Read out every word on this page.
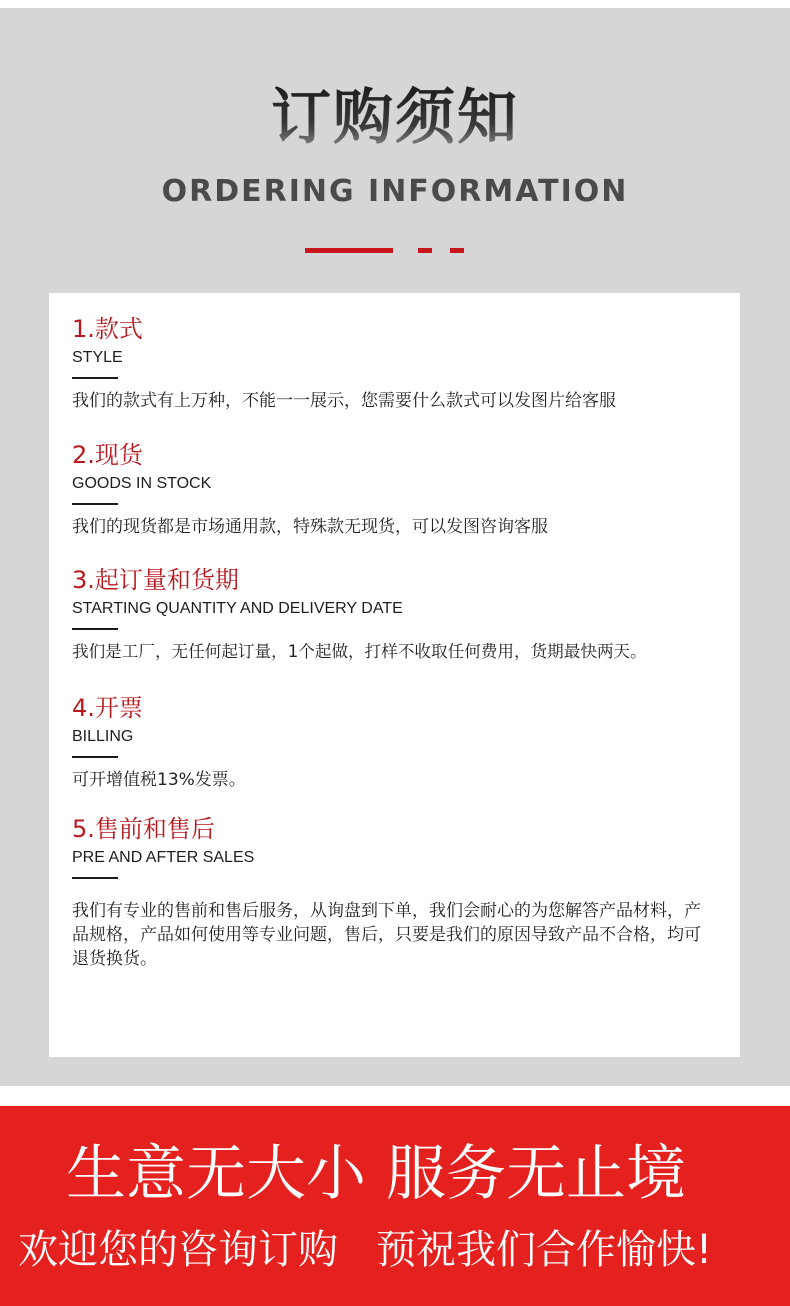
订购须知
ORDERING INFORMATION
1.款式
STYLE
我们的款式有上万种，不能一一展示，您需要什么款式可以发图片给客服
2.现货
GOODS IN STOCK
我们的现货都是市场通用款，特殊款无现货，可以发图咨询客服
3.起订量和货期
STARTING QUANTITY AND DELIVERY DATE
我们是工厂，无任何起订量，1个起做，打样不收取任何费用，货期最快两天。
4.开票
BILLING
可开增值税13%发票。
5.售前和售后
PRE AND AFTER SALES
我们有专业的售前和售后服务，从询盘到下单，我们会耐心的为您解答产品材料，产品规格，产品如何使用等专业问题，售后，只要是我们的原因导致产品不合格，均可退货换货。
生意无大小 服务无止境
欢迎您的咨询订购 预祝我们合作愉快!
